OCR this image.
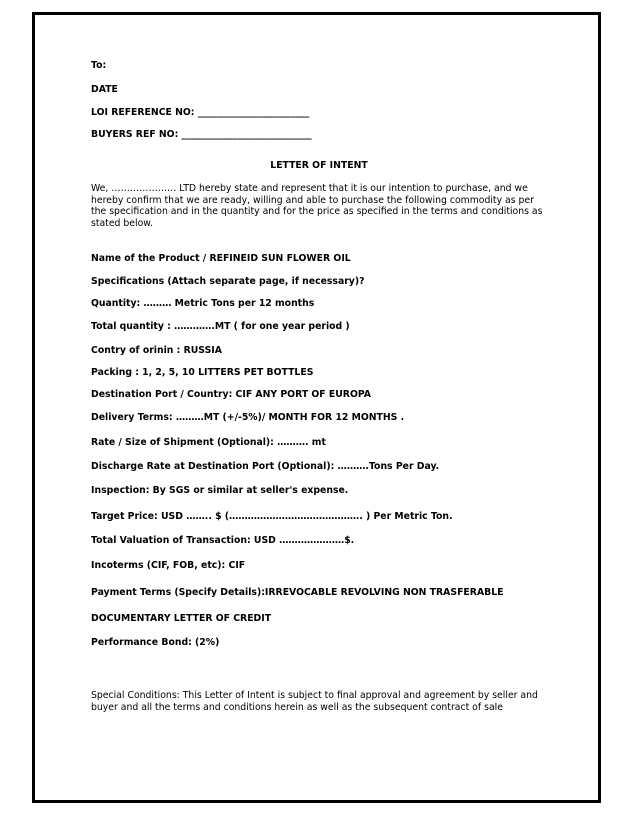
To:
DATE
LOI REFERENCE NO: ________________________
BUYERS REF NO: ____________________________
LETTER OF INTENT
We, ………………… LTD hereby state and represent that it is our intention to purchase, and we hereby confirm that we are ready, willing and able to purchase the following commodity as per the specification and in the quantity and for the price as specified in the terms and conditions as stated below.
Name of the Product / REFINEID SUN FLOWER OIL
Specifications (Attach separate page, if necessary)?
Quantity: ……… Metric Tons per 12 months
Total quantity : ………….MT ( for one year period )
Contry of orinin : RUSSIA
Packing : 1, 2, 5, 10 LITTERS PET BOTTLES
Destination Port / Country: CIF ANY PORT OF EUROPA
Delivery Terms: ………MT (+/-5%)/ MONTH FOR 12 MONTHS .
Rate / Size of Shipment (Optional): ………. mt
Discharge Rate at Destination Port (Optional): ……….Tons Per Day.
Inspection: By SGS or similar at seller's expense.
Target Price: USD …….. $ (……………………………………. ) Per Metric Ton.
Total Valuation of Transaction: USD …………………$.
Incoterms (CIF, FOB, etc): CIF
Payment Terms (Specify Details):IRREVOCABLE REVOLVING NON TRASFERABLE
DOCUMENTARY LETTER OF CREDIT
Performance Bond: (2%)
Special Conditions: This Letter of Intent is subject to final approval and agreement by seller and buyer and all the terms and conditions herein as well as the subsequent contract of sale
